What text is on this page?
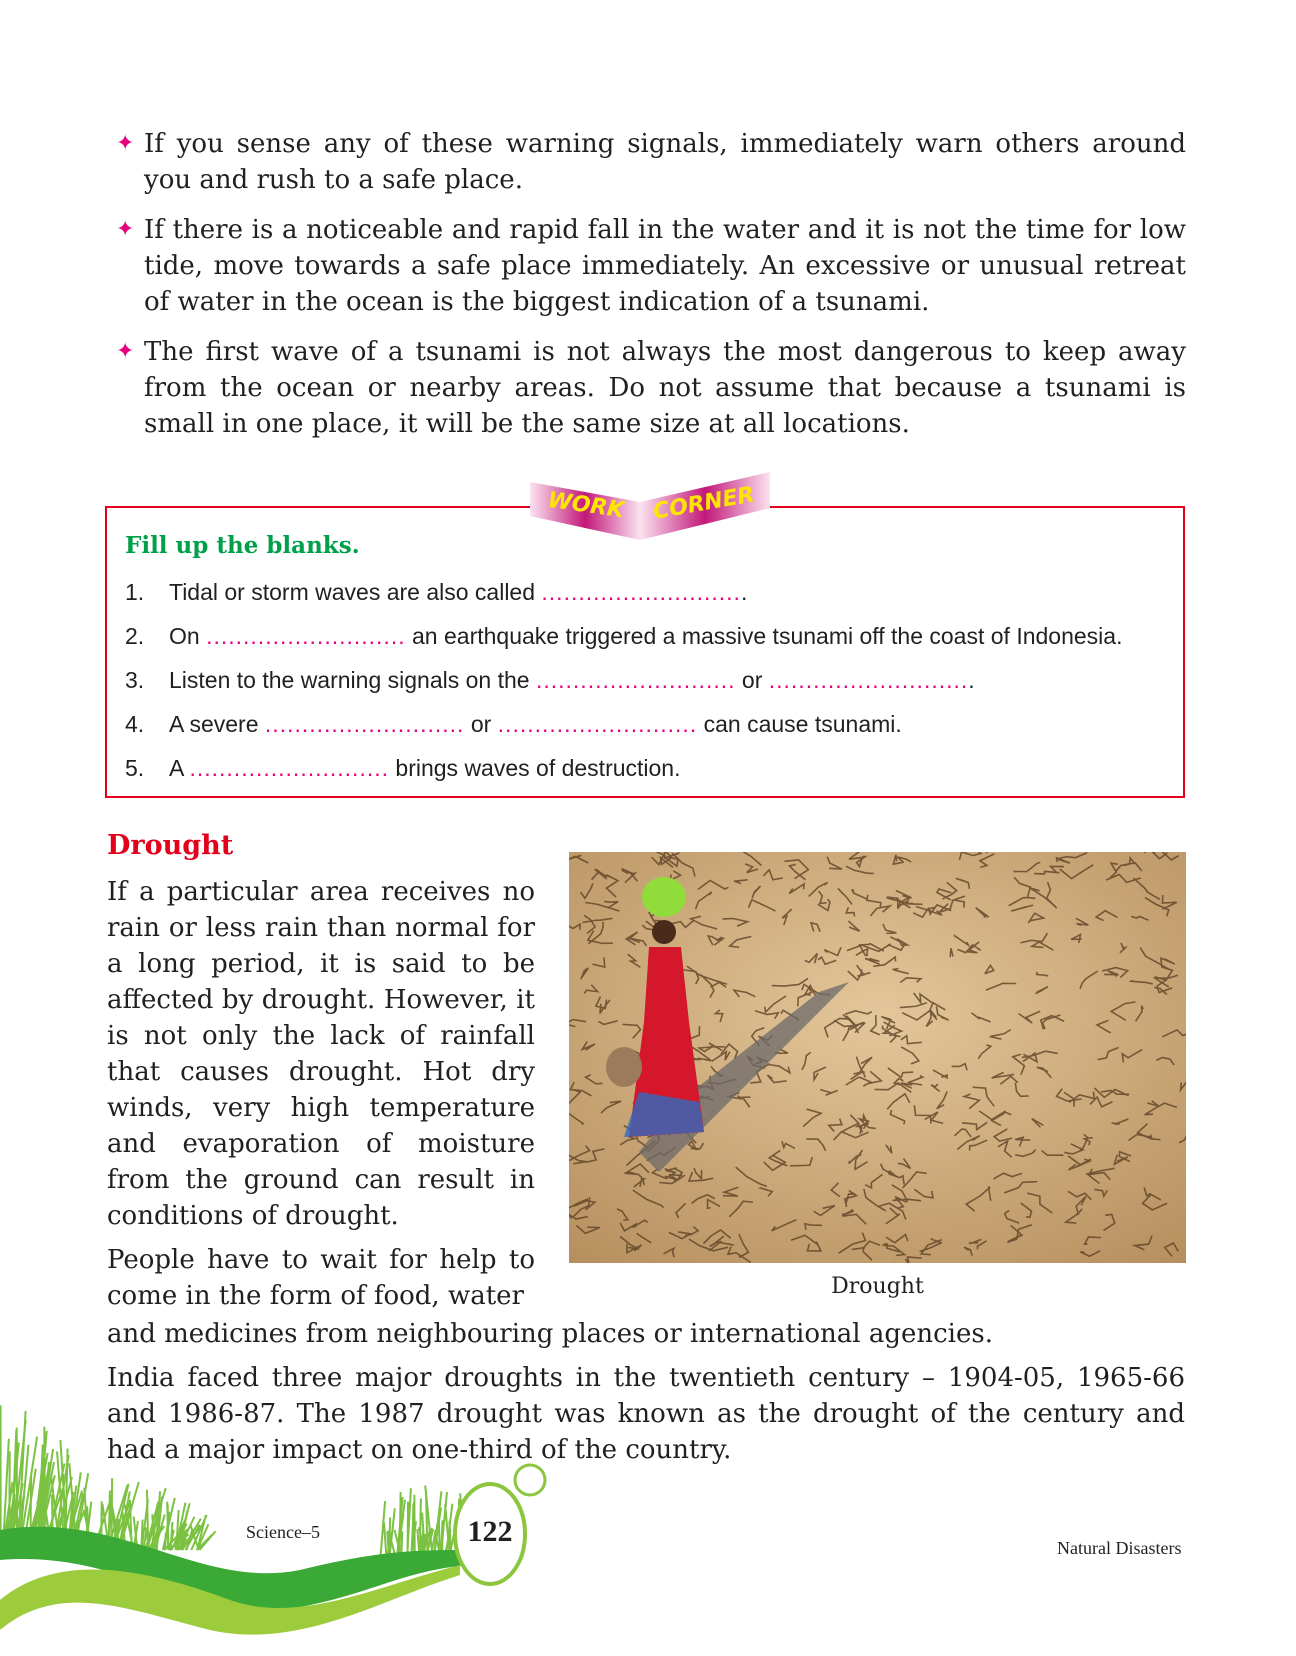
✦ If you sense any of these warning signals, immediately warn others around you and rush to a safe place.
✦ If there is a noticeable and rapid fall in the water and it is not the time for low tide, move towards a safe place immediately. An excessive or unusual retreat of water in the ocean is the biggest indication of a tsunami.
✦ The first wave of a tsunami is not always the most dangerous to keep away from the ocean or nearby areas. Do not assume that because a tsunami is small in one place, it will be the same size at all locations.
Fill up the blanks.
1. Tidal or storm waves are also called ............................
2. On ........................... an earthquake triggered a massive tsunami off the coast of Indonesia.
3. Listen to the warning signals on the ........................... or ............................
4. A severe ........................... or ........................... can cause tsunami.
5. A ........................... brings waves of destruction.
WORK CORNER
Drought

If a particular area receives no rain or less rain than normal for a long period, it is said to be affected by drought. However, it is not only the lack of rainfall that causes drought. Hot dry winds, very high temperature and evaporation of moisture from the ground can result in conditions of drought.

People have to wait for help to come in the form of food, water

and medicines from neighbouring places or international agencies.

India faced three major droughts in the twentieth century – 1904-05, 1965-66 and 1986-87. The 1987 drought was known as the drought of the century and had a major impact on one-third of the country.

Drought
Science–5	122	Natural Disasters
